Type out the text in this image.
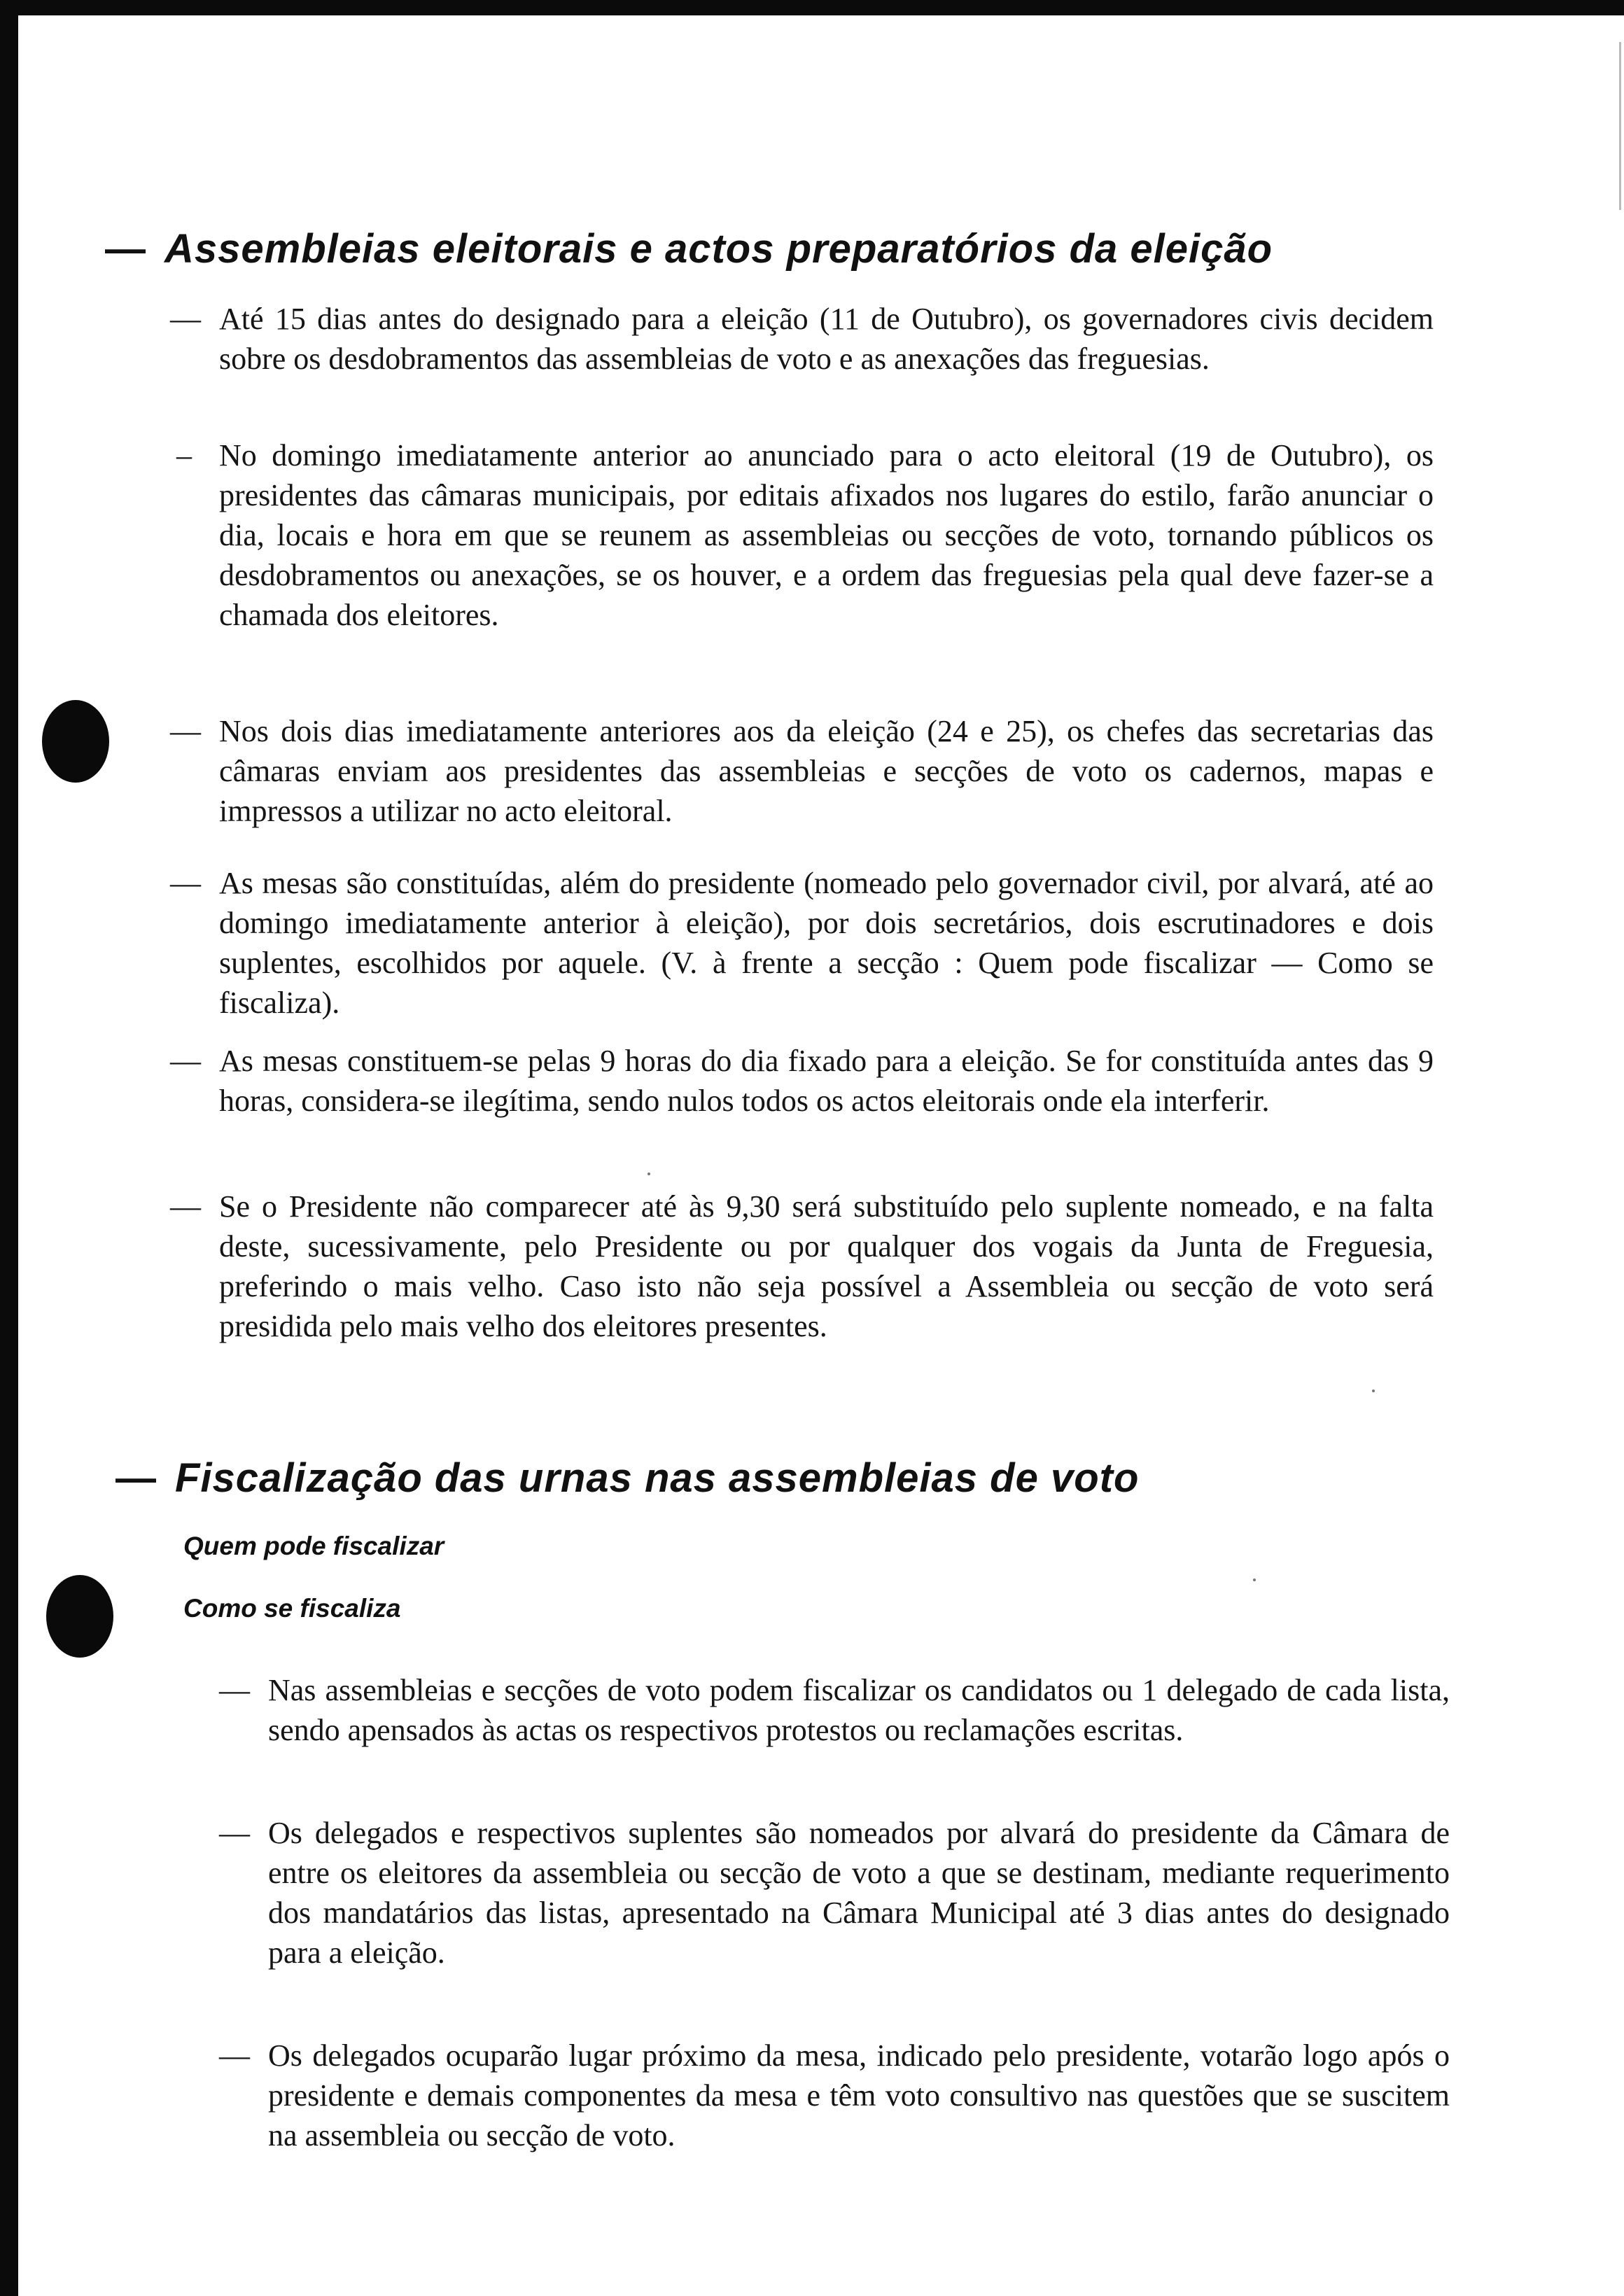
— Assembleias eleitorais e actos preparatórios da eleição
— Até 15 dias antes do designado para a eleição (11 de Outubro), os governadores civis decidem sobre os desdobramentos das assembleias de voto e as anexações das freguesias.
– No domingo imediatamente anterior ao anunciado para o acto eleitoral (19 de Outubro), os presidentes das câmaras municipais, por editais afixados nos lugares do estilo, farão anunciar o dia, locais e hora em que se reunem as assembleias ou secções de voto, tornando públicos os desdobramentos ou anexações, se os houver, e a ordem das freguesias pela qual deve fazer-se a chamada dos eleitores.
— Nos dois dias imediatamente anteriores aos da eleição (24 e 25), os chefes das secretarias das câmaras enviam aos presidentes das assembleias e secções de voto os cadernos, mapas e impressos a utilizar no acto eleitoral.
— As mesas são constituídas, além do presidente (nomeado pelo governador civil, por alvará, até ao domingo imediatamente anterior à eleição), por dois secretários, dois escrutinadores e dois suplentes, escolhidos por aquele. (V. à frente a secção : Quem pode fiscalizar — Como se fiscaliza).
— As mesas constituem-se pelas 9 horas do dia fixado para a eleição. Se for constituída antes das 9 horas, considera-se ilegítima, sendo nulos todos os actos eleitorais onde ela interferir.
— Se o Presidente não comparecer até às 9,30 será substituído pelo suplente nomeado, e na falta deste, sucessivamente, pelo Presidente ou por qualquer dos vogais da Junta de Freguesia, preferindo o mais velho. Caso isto não seja possível a Assembleia ou secção de voto será presidida pelo mais velho dos eleitores presentes.
— Fiscalização das urnas nas assembleias de voto
Quem pode fiscalizar
Como se fiscaliza
— Nas assembleias e secções de voto podem fiscalizar os candidatos ou 1 delegado de cada lista, sendo apensados às actas os respectivos protestos ou reclamações escritas.
— Os delegados e respectivos suplentes são nomeados por alvará do presidente da Câmara de entre os eleitores da assembleia ou secção de voto a que se destinam, mediante requerimento dos mandatários das listas, apresentado na Câmara Municipal até 3 dias antes do designado para a eleição.
— Os delegados ocuparão lugar próximo da mesa, indicado pelo presidente, votarão logo após o presidente e demais componentes da mesa e têm voto consultivo nas questões que se suscitem na assembleia ou secção de voto.
